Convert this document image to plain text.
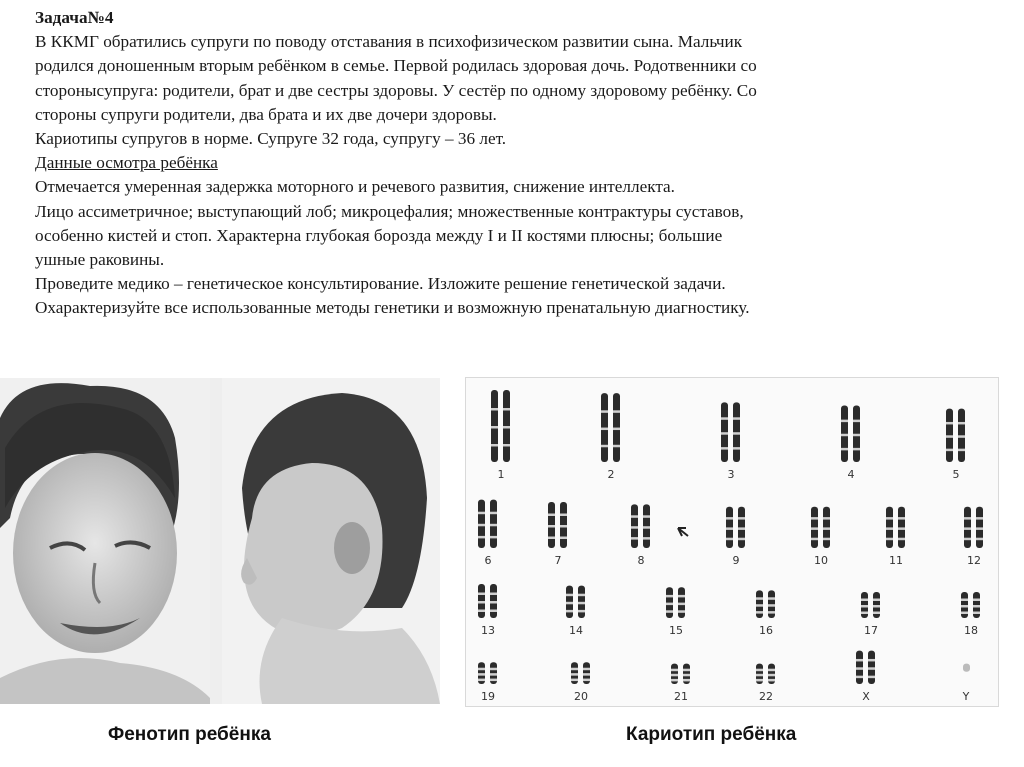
Задача№4
В ККМГ обратились супруги по поводу отставания в психофизическом развитии сына. Мальчик
родился доношенным вторым ребёнком в семье. Первой родилась здоровая дочь. Родотвенники со
стороныcупруга: родители, брат и две сестры здоровы. У сестёр по одному здоровому ребёнку. Со
стороны супруги родители, два брата и их две дочери здоровы.
Кариотипы супругов в норме. Супруге 32 года, супругу – 36 лет.
Данные осмотра ребёнка
Отмечается умеренная задержка моторного и речевого развития, снижение интеллекта.
Лицо ассиметричное; выступающий лоб; микроцефалия; множественные контрактуры суставов,
особенно кистей и стоп. Характерна глубокая борозда между I и II костями плюсны; большие
ушные раковины.
Проведите медико – генетическое консультирование. Изложите решение генетической задачи.
Охарактеризуйте все использованные методы генетики и возможную пренатальную диагностику.
1	2	3	4	5
6	7	8	9	10	11	12
13	14	15	16	17	18
19	20	21	22	X	Y
Фенотип ребёнка	Кариотип ребёнка
